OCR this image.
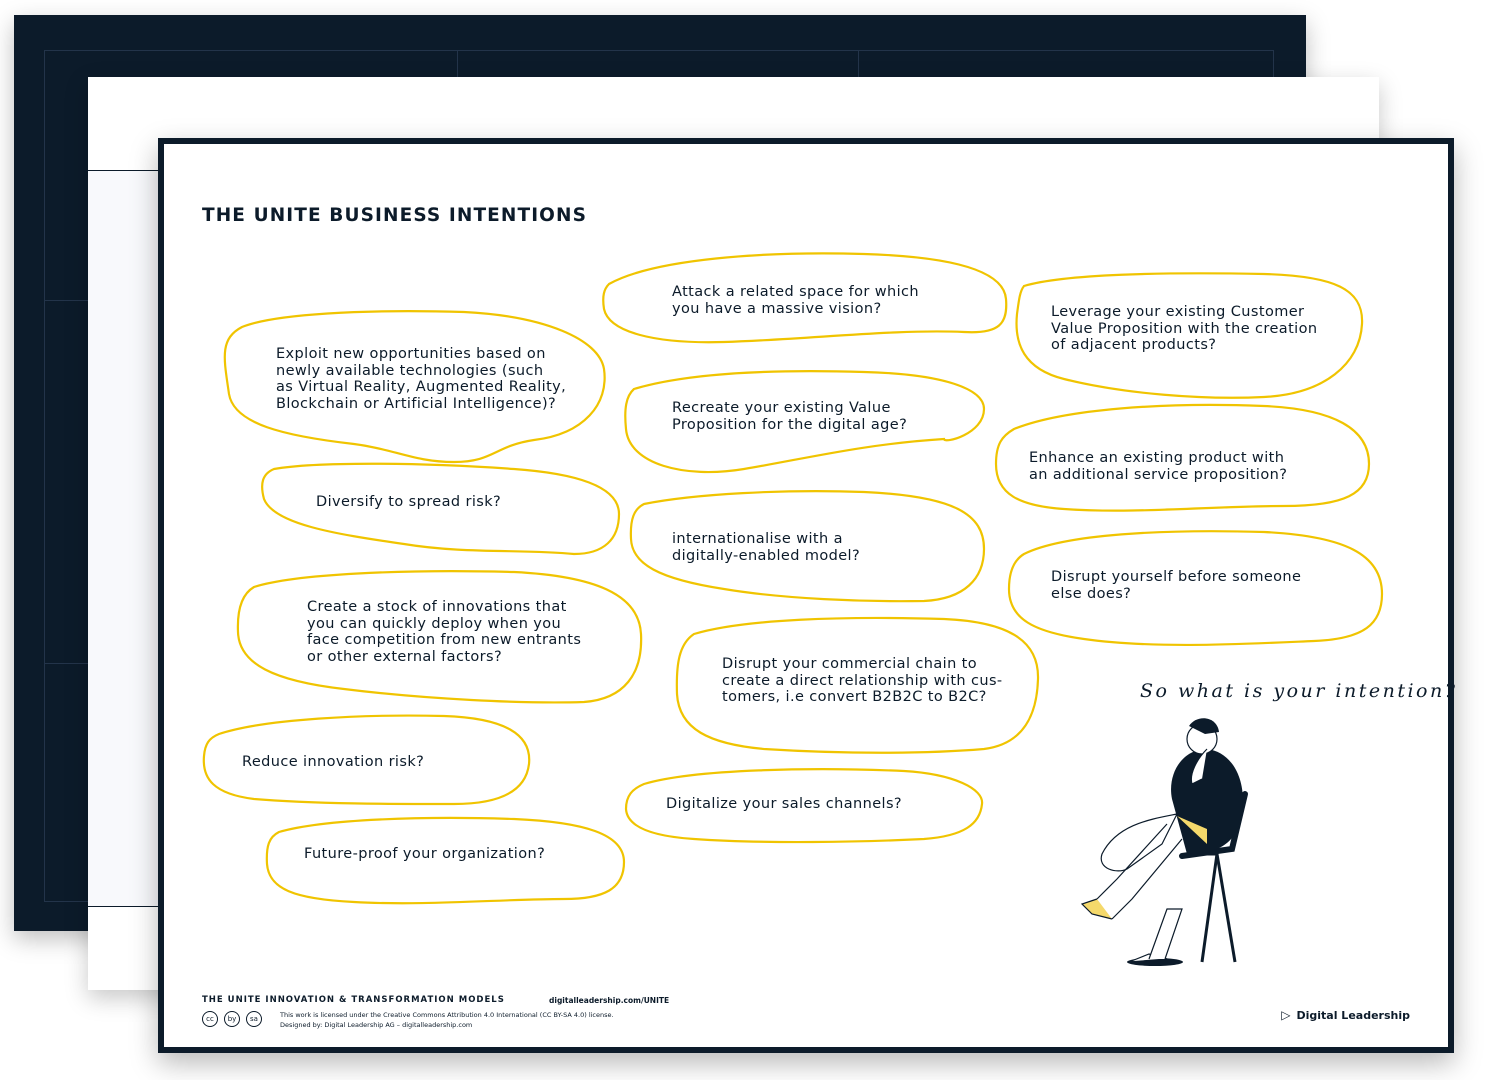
THE UNITE BUSINESS INTENTIONS

Exploit new opportunities based on
newly available technologies (such
as Virtual Reality, Augmented Reality,
Blockchain or Artificial Intelligence)?

Attack a related space for which
you have a massive vision?	Leverage your existing Customer
Value Proposition with the creation
of adjacent products?

Recreate your existing Value
Proposition for the digital age?

Enhance an existing product with
an additional service proposition?

Diversify to spread risk?

internationalise with a
digitally-enabled model?

Disrupt yourself before someone
else does?

Create a stock of innovations that
you can quickly deploy when you
face competition from new entrants
or other external factors?	Disrupt your commercial chain to
create a direct relationship with cus-
tomers, i.e convert B2B2C to B2C?

Reduce innovation risk?

Digitalize your sales channels?

Future-proof your organization?

So what is your intention?

THE UNITE INNOVATION & TRANSFORMATION MODELS	digitalleadership.com/UNITE

cc	by	sa	This work is licensed under the Creative Commons Attribution 4.0 International (CC BY-SA 4.0) license.

Designed by: Digital Leadership AG – digitalleadership.com

▷ Digital Leadership
